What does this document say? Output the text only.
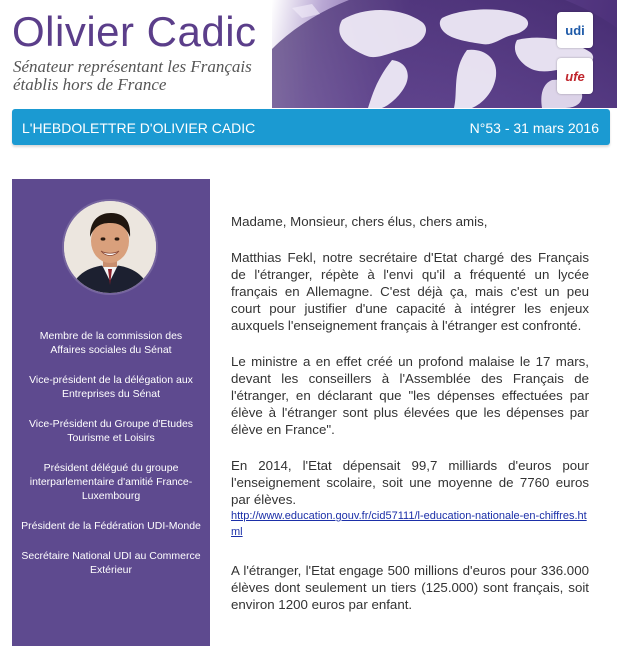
Olivier Cadic
Sénateur représentant les Français établis hors de France
udi
ufe
L'HEBDOLETTRE D'OLIVIER CADIC	N°53 - 31 mars 2016
Membre de la commission des Affaires sociales du Sénat
Vice-président de la délégation aux Entreprises du Sénat
Vice-Président du Groupe d'Etudes Tourisme et Loisirs
Président délégué du groupe interparlementaire d'amitié France-Luxembourg
Président de la Fédération UDI-Monde
Secrétaire National UDI au Commerce Extérieur

Madame, Monsieur, chers élus, chers amis,

Matthias Fekl, notre secrétaire d'Etat chargé des Français de l'étranger, répète à l'envi qu'il a fréquenté un lycée français en Allemagne. C'est déjà ça, mais c'est un peu court pour justifier d'une capacité à intégrer les enjeux auxquels l'enseignement français à l'étranger est confronté.

Le ministre a en effet créé un profond malaise le 17 mars, devant les conseillers à l'Assemblée des Français de l'étranger, en déclarant que "les dépenses effectuées par élève à l'étranger sont plus élevées que les dépenses par élève en France".

En 2014, l'Etat dépensait 99,7 milliards d'euros pour l'enseignement scolaire, soit une moyenne de 7760 euros par élèves.
http://www.education.gouv.fr/cid57111/l-education-nationale-en-chiffres.html

A l'étranger, l'Etat engage 500 millions d'euros pour 336.000 élèves dont seulement un tiers (125.000) sont français, soit environ 1200 euros par enfant.
